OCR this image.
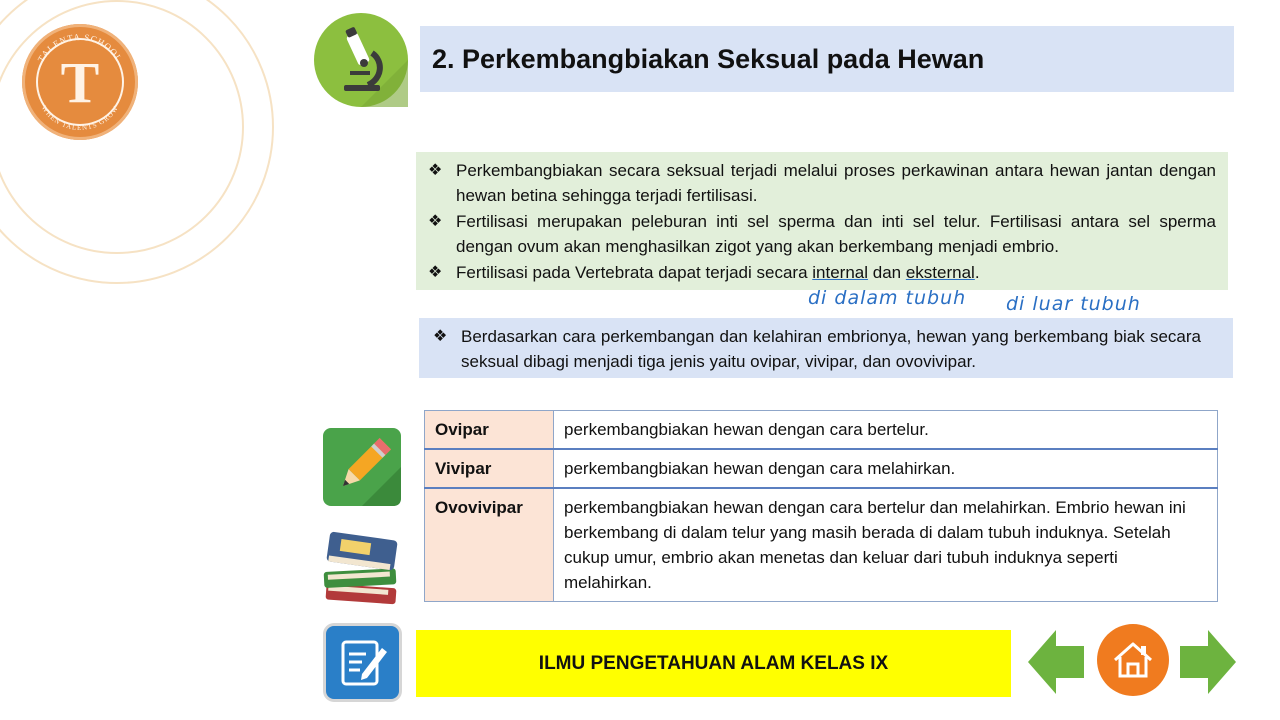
TALENTA SCHOOL
WHEN TALENTS GROW
T	2. Perkembangbiakan Seksual pada Hewan
❖ Perkembangbiakan secara seksual terjadi melalui proses perkawinan antara hewan jantan dengan hewan betina sehingga terjadi fertilisasi.
❖ Fertilisasi merupakan peleburan inti sel sperma dan inti sel telur. Fertilisasi antara sel sperma dengan ovum akan menghasilkan zigot yang akan berkembang menjadi embrio.
❖ Fertilisasi pada Vertebrata dapat terjadi secara internal dan eksternal.
di dalam tubuh di luar tubuh
❖ Berdasarkan cara perkembangan dan kelahiran embrionya, hewan yang berkembang biak secara seksual dibagi menjadi tiga jenis yaitu ovipar, vivipar, dan ovovivipar.
Ovipar	perkembangbiakan hewan dengan cara bertelur.
Vivipar	perkembangbiakan hewan dengan cara melahirkan.
Ovovivipar	perkembangbiakan hewan dengan cara bertelur dan melahirkan. Embrio hewan ini berkembang di dalam telur yang masih berada di dalam tubuh induknya. Setelah cukup umur, embrio akan menetas dan keluar dari tubuh induknya seperti melahirkan.
ILMU PENGETAHUAN ALAM KELAS IX
